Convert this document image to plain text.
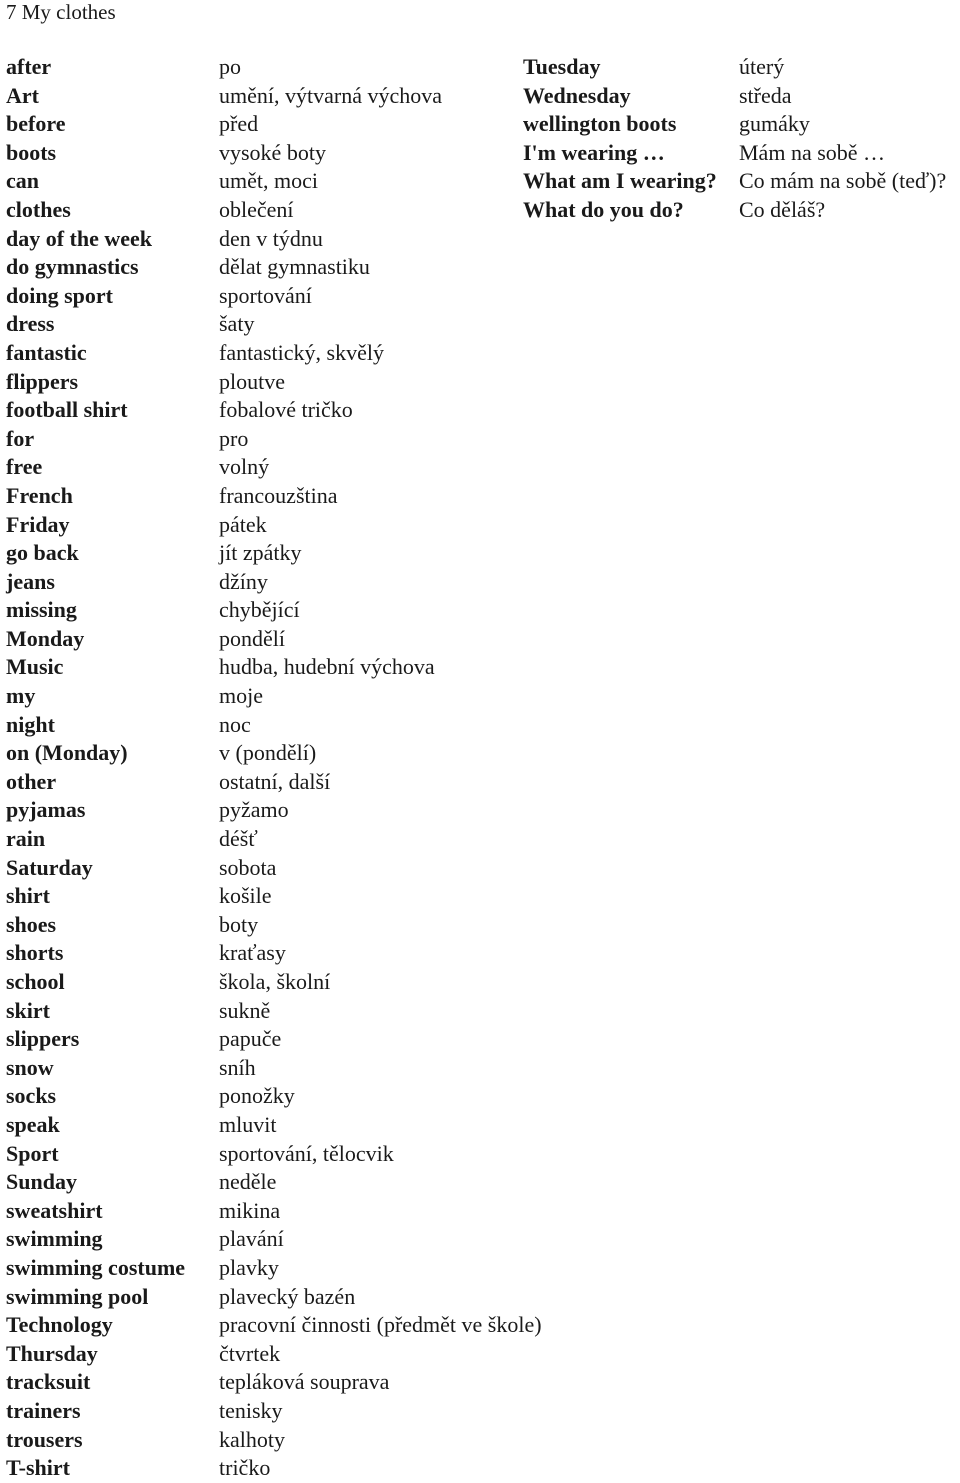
7 My clothes
after
Art
before
boots
can
clothes
day of the week
do gymnastics
doing sport
dress
fantastic
flippers
football shirt
for
free
French
Friday
go back
jeans
missing
Monday
Music
my
night
on (Monday)
other
pyjamas
rain
Saturday
shirt
shoes
shorts
school
skirt
slippers
snow
socks
speak
Sport
Sunday
sweatshirt
swimming
swimming costume
swimming pool
Technology
Thursday
tracksuit
trainers
trousers
T-shirt
po
umění, výtvarná výchova
před
vysoké boty
umět, moci
oblečení
den v týdnu
dělat gymnastiku
sportování
šaty
fantastický, skvělý
ploutve
fobalové tričko
pro
volný
francouzština
pátek
jít zpátky
džíny
chybějící
pondělí
hudba, hudební výchova
moje
noc
v (pondělí)
ostatní, další
pyžamo
déšť
sobota
košile
boty
kraťasy
škola, školní
sukně
papuče
sníh
ponožky
mluvit
sportování, tělocvik
neděle
mikina
plavání
plavky
plavecký bazén
pracovní činnosti (předmět ve škole)
čtvrtek
tepláková souprava
tenisky
kalhoty
tričko
Tuesday
Wednesday
wellington boots
I'm wearing …
What am I wearing?
What do you do?
úterý
středa
gumáky
Mám na sobě …
Co mám na sobě (teď)?
Co děláš?
